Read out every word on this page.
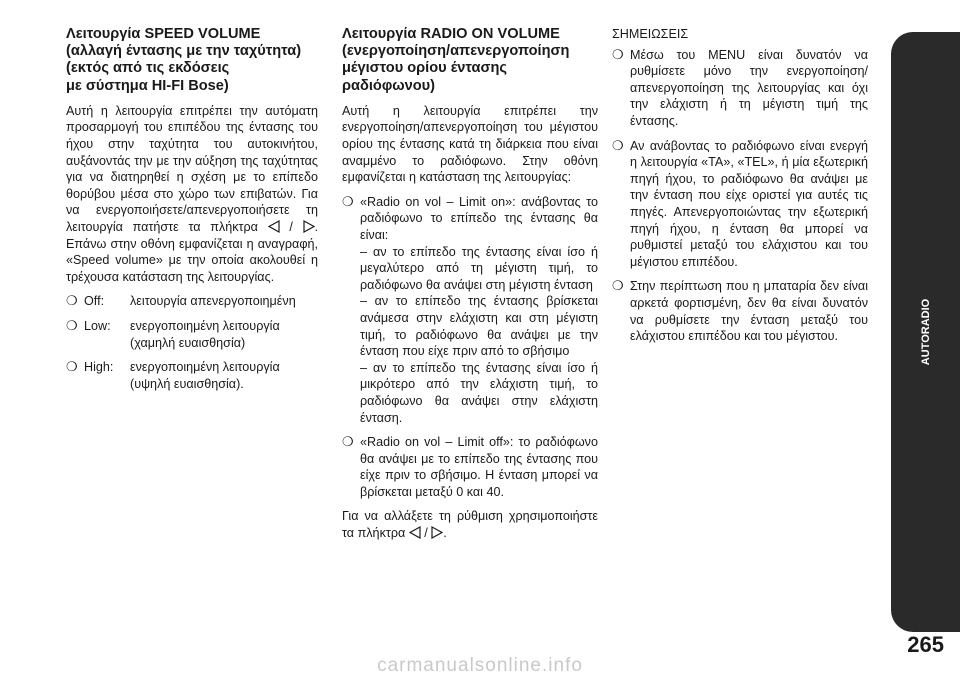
Λειτουργία SPEED VOLUME
(αλλαγή έντασης με την ταχύτητα)
(εκτός από τις εκδόσεις
με σύστημα HI-FI Bose)

Αυτή η λειτουργία επιτρέπει την αυτόματη προσαρμογή του επιπέδου της έντασης του ήχου στην ταχύτητα του αυτοκινήτου, αυξάνοντάς την με την αύξηση της ταχύτητας για να διατηρηθεί η σχέση με το επίπεδο θορύβου μέσα στο χώρο των επιβατών. Για να ενεργοποιήσετε/απενεργοποιήσετε τη λειτουργία πατήστε τα πλήκτρα / . Επάνω στην οθόνη εμφανίζεται η αναγραφή, «Speed volume» με την οποία ακολουθεί η τρέχουσα κατάσταση της λειτουργίας.

❍ Off:	λειτουργία απενεργοποιημένη
❍ Low:	ενεργοποιημένη λειτουργία (χαμηλή ευαισθησία)
❍ High:	ενεργοποιημένη λειτουργία (υψηλή ευαισθησία).
Λειτουργία RADIO ON VOLUME
(ενεργοποίηση/απενεργοποίηση
μέγιστου ορίου έντασης
ραδιόφωνου)

Αυτή η λειτουργία επιτρέπει την ενεργοποίηση/απενεργοποίηση του μέγιστου ορίου της έντασης κατά τη διάρκεια που είναι αναμμένο το ραδιόφωνο. Στην οθόνη εμφανίζεται η κατάσταση της λειτουργίας:

❍ «Radio on vol – Limit on»: ανάβοντας το ραδιόφωνο το επίπεδο της έντασης θα είναι:
– αν το επίπεδο της έντασης είναι ίσο ή μεγαλύτερο από τη μέγιστη τιμή, το ραδιόφωνο θα ανάψει στη μέγιστη ένταση
– αν το επίπεδο της έντασης βρίσκεται ανάμεσα στην ελάχιστη και στη μέγιστη τιμή, το ραδιόφωνο θα ανάψει με την ένταση που είχε πριν από το σβήσιμο
– αν το επίπεδο της έντασης είναι ίσο ή μικρότερο από την ελάχιστη τιμή, το ραδιόφωνο θα ανάψει στην ελάχιστη ένταση.
❍ «Radio on vol – Limit off»: το ραδιόφωνο θα ανάψει με το επίπεδο της έντασης που είχε πριν το σβήσιμο. Η ένταση μπορεί να βρίσκεται μεταξύ 0 και 40.

Για να αλλάξετε τη ρύθμιση χρησιμοποιήστε τα πλήκτρα / .

ΣΗΜΕΙΩΣΕΙΣ
❍ Μέσω του MENU είναι δυνατόν να ρυθμίσετε μόνο την ενεργοποίηση/απενεργοποίηση της λειτουργίας και όχι την ελάχιστη ή τη μέγιστη τιμή της έντασης.
❍ Αν ανάβοντας το ραδιόφωνο είναι ενεργή η λειτουργία «TA», «TEL», ή μία εξωτερική πηγή ήχου, το ραδιόφωνο θα ανάψει με την ένταση που είχε οριστεί για αυτές τις πηγές. Απενεργοποιώντας την εξωτερική πηγή ήχου, η ένταση θα μπορεί να ρυθμιστεί μεταξύ του ελάχιστου και του μέγιστου επιπέδου.
❍ Στην περίπτωση που η μπαταρία δεν είναι αρκετά φορτισμένη, δεν θα είναι δυνατόν να ρυθμίσετε την ένταση μεταξύ του ελάχιστου επιπέδου και του μέγιστου.	AUTORADIO
265
carmanualsonline.info
